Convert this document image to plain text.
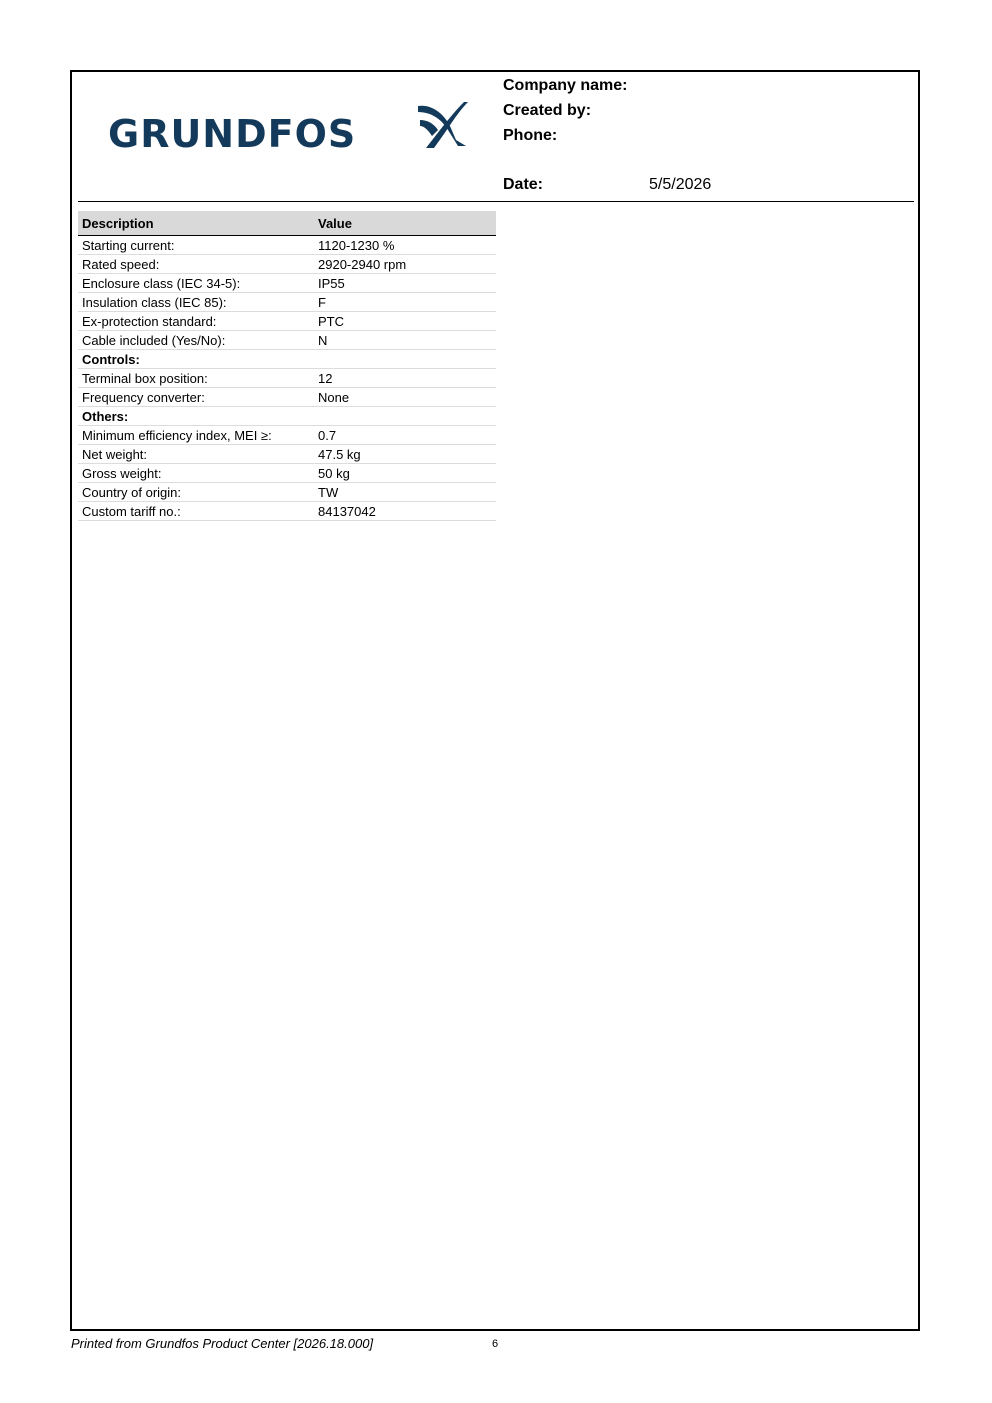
GRUNDFOS
Company name:
Created by:
Phone:
Date:	5/5/2026
Description	Value
Starting current:	1120-1230 %
Rated speed:	2920-2940 rpm
Enclosure class (IEC 34-5):	IP55
Insulation class (IEC 85):	F
Ex-protection standard:	PTC
Cable included (Yes/No):	N
Controls:
Terminal box position:	12
Frequency converter:	None
Others:
Minimum efficiency index, MEI ≥:	0.7
Net weight:	47.5 kg
Gross weight:	50 kg
Country of origin:	TW
Custom tariff no.:	84137042
Printed from Grundfos Product Center [2026.18.000]	6
